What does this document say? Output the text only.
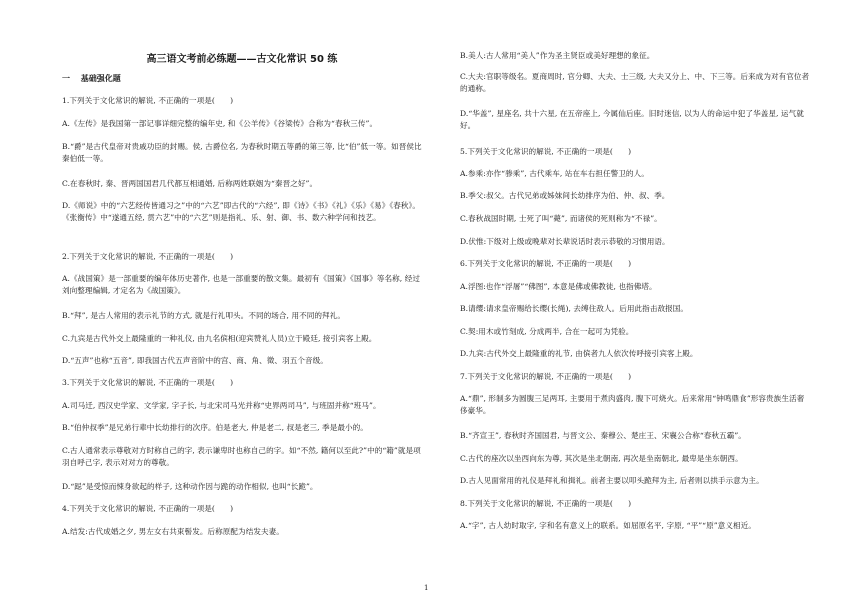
高三语文考前必练题——古文化常识 50 练
一　 基础强化题

1.下列关于文化常识的解说, 不正确的一项是(　　)

A.《左传》是我国第一部记事详细完整的编年史, 和《公羊传》《谷梁传》合称为“春秋三传”。

B.“爵”是古代皇帝对贵戚功臣的封赐。侯, 古爵位名, 为春秋时期五等爵的第三等, 比“伯”低一等。如晋侯比秦伯低一等。

C.在春秋时, 秦、晋两国国君几代都互相通婚, 后称两姓联姻为“秦晋之好”。

D.《师说》中的“六艺经传皆通习之”中的“六艺”即古代的“六经”, 即《诗》《书》《礼》《乐》《易》《春秋》。《张衡传》中“遂通五经, 贯六艺”中的“六艺”则是指礼、乐、射、御、书、数六种学问和技艺。

2.下列关于文化常识的解说, 不正确的一项是(　　)

A.《战国策》是一部重要的编年体历史著作, 也是一部重要的散文集。最初有《国策》《国事》等名称, 经过刘向整理编辑, 才定名为《战国策》。

B.“拜”, 是古人常用的表示礼节的方式, 就是行礼叩头。不同的场合, 用不同的拜礼。

C.九宾是古代外交上最隆重的一种礼仪, 由九名傧相(迎宾赞礼人员)立于殿廷, 接引宾客上殿。

D.“五声”也称“五音”, 即我国古代五声音阶中的宫、商、角、徵、羽五个音级。

3.下列关于文化常识的解说, 不正确的一项是(　　)

A.司马迁, 西汉史学家、文学家, 字子长, 与北宋司马光并称“史界两司马”, 与班固并称“班马”。

B.“伯仲叔季”是兄弟行辈中长幼排行的次序。伯是老大, 仲是老二, 叔是老三, 季是最小的。

C.古人通常表示尊敬对方时称自己的字, 表示谦卑时也称自己的字。如“不然, 籍何以至此?”中的“籍”就是项羽自呼己字, 表示对对方的尊敬。

D.“跽”是受惊而悚身欲起的样子, 这种动作因与跪的动作相似, 也叫“长跪”。

4.下列关于文化常识的解说, 不正确的一项是(　　)

A.结发:古代成婚之夕, 男左女右共束髻发。后称原配为结发夫妻。

B.美人:古人常用“美人”作为圣主贤臣或美好理想的象征。

C.大夫:官职等级名。夏商周时, 官分卿、大夫、士三级, 大夫又分上、中、下三等。后来成为对有官位者的通称。

D.“华盖”, 星座名, 共十六星, 在五帝座上, 今属仙后座。旧时迷信, 以为人的命运中犯了华盖星, 运气就好。

5.下列关于文化常识的解说, 不正确的一项是(　　)

A.参乘:亦作“骖乘”, 古代乘车, 站在车右担任警卫的人。

B.季父:叔父。古代兄弟或姊妹间长幼排序为伯、仲、叔、季。

C.春秋战国时期, 士死了叫“薨”, 而诸侯的死则称为“不禄”。

D.伏惟:下级对上级或晚辈对长辈说话时表示恭敬的习惯用语。

6.下列关于文化常识的解说, 不正确的一项是(　　)

A.浮图:也作“浮屠”“佛图”, 本意是佛或佛教徒, 也指佛塔。

B.请缨:请求皇帝赐给长缨(长绳), 去缚住敌人。后用此指击敌报国。

C.契:用木或竹刻成, 分成两半, 合在一起可为凭验。

D.九宾:古代外交上最隆重的礼节, 由傧者九人依次传呼接引宾客上殿。

7.下列关于文化常识的解说, 不正确的一项是(　　)

A.“鼎”, 形制多为圆腹三足两耳, 主要用于煮肉盛肉, 腹下可烧火。后来常用“钟鸣鼎食”形容贵族生活奢侈豪华。

B.“齐宣王”, 春秋时齐国国君, 与晋文公、秦穆公、楚庄王、宋襄公合称“春秋五霸”。

C.古代的座次以坐西向东为尊, 其次是坐北朝南, 再次是坐南朝北, 最卑是坐东朝西。

D.古人见面常用的礼仪是拜礼和揖礼。前者主要以叩头跪拜为主, 后者则以拱手示意为主。

8.下列关于文化常识的解说, 不正确的一项是(　　)

A.“字”, 古人幼时取字, 字和名有意义上的联系。如屈原名平, 字原, “平”“原”意义相近。

1
